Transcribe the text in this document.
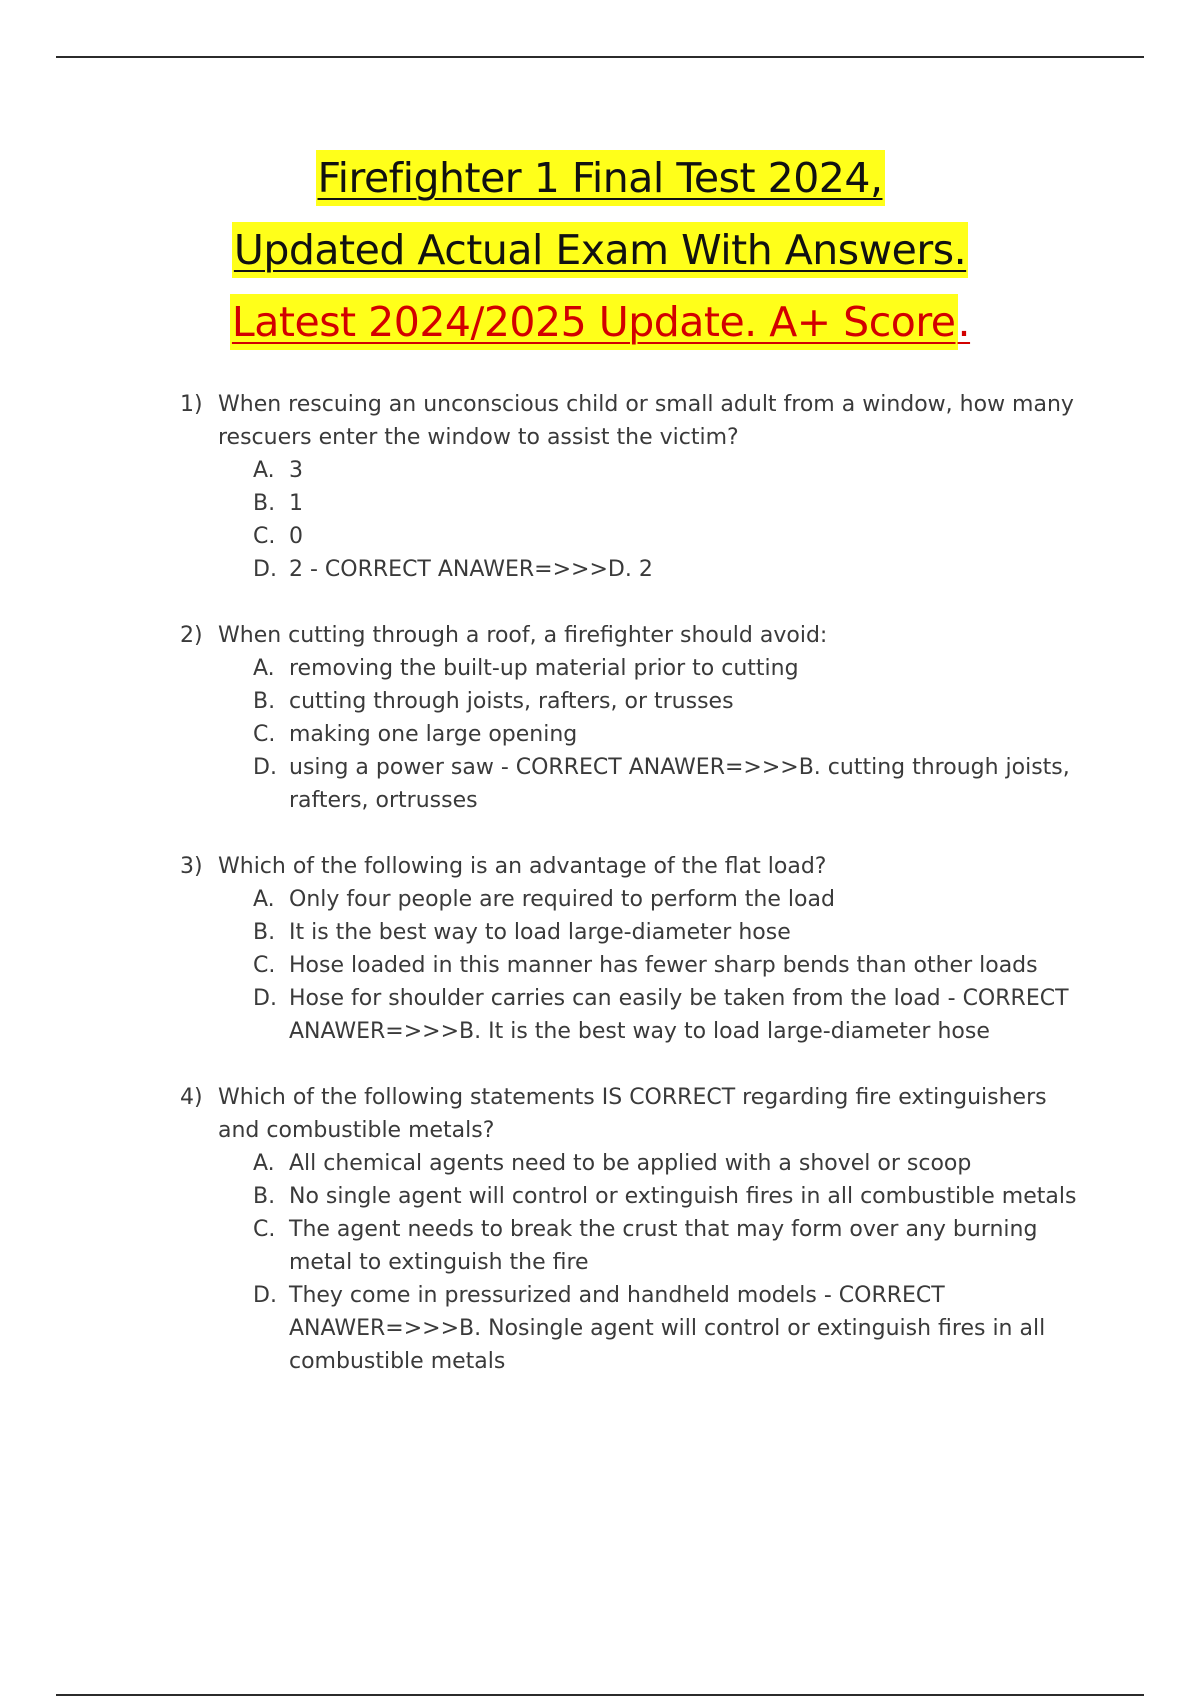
Firefighter 1 Final Test 2024,
Updated Actual Exam With Answers.
Latest 2024/2025 Update. A+ Score.
1) When rescuing an unconscious child or small adult from a window, how many rescuers enter the window to assist the victim?
A. 3
B. 1
C. 0
D. 2 - CORRECT ANAWER=>>>D. 2
2) When cutting through a roof, a firefighter should avoid:
A. removing the built-up material prior to cutting
B. cutting through joists, rafters, or trusses
C. making one large opening
D. using a power saw - CORRECT ANAWER=>>>B. cutting through joists, rafters, ortrusses
3) Which of the following is an advantage of the flat load?
A. Only four people are required to perform the load
B. It is the best way to load large-diameter hose
C. Hose loaded in this manner has fewer sharp bends than other loads
D. Hose for shoulder carries can easily be taken from the load - CORRECT ANAWER=>>>B. It is the best way to load large-diameter hose
4) Which of the following statements IS CORRECT regarding fire extinguishers and combustible metals?
A. All chemical agents need to be applied with a shovel or scoop
B. No single agent will control or extinguish fires in all combustible metals
C. The agent needs to break the crust that may form over any burning metal to extinguish the fire
D. They come in pressurized and handheld models - CORRECT ANAWER=>>>B. Nosingle agent will control or extinguish fires in all combustible metals
